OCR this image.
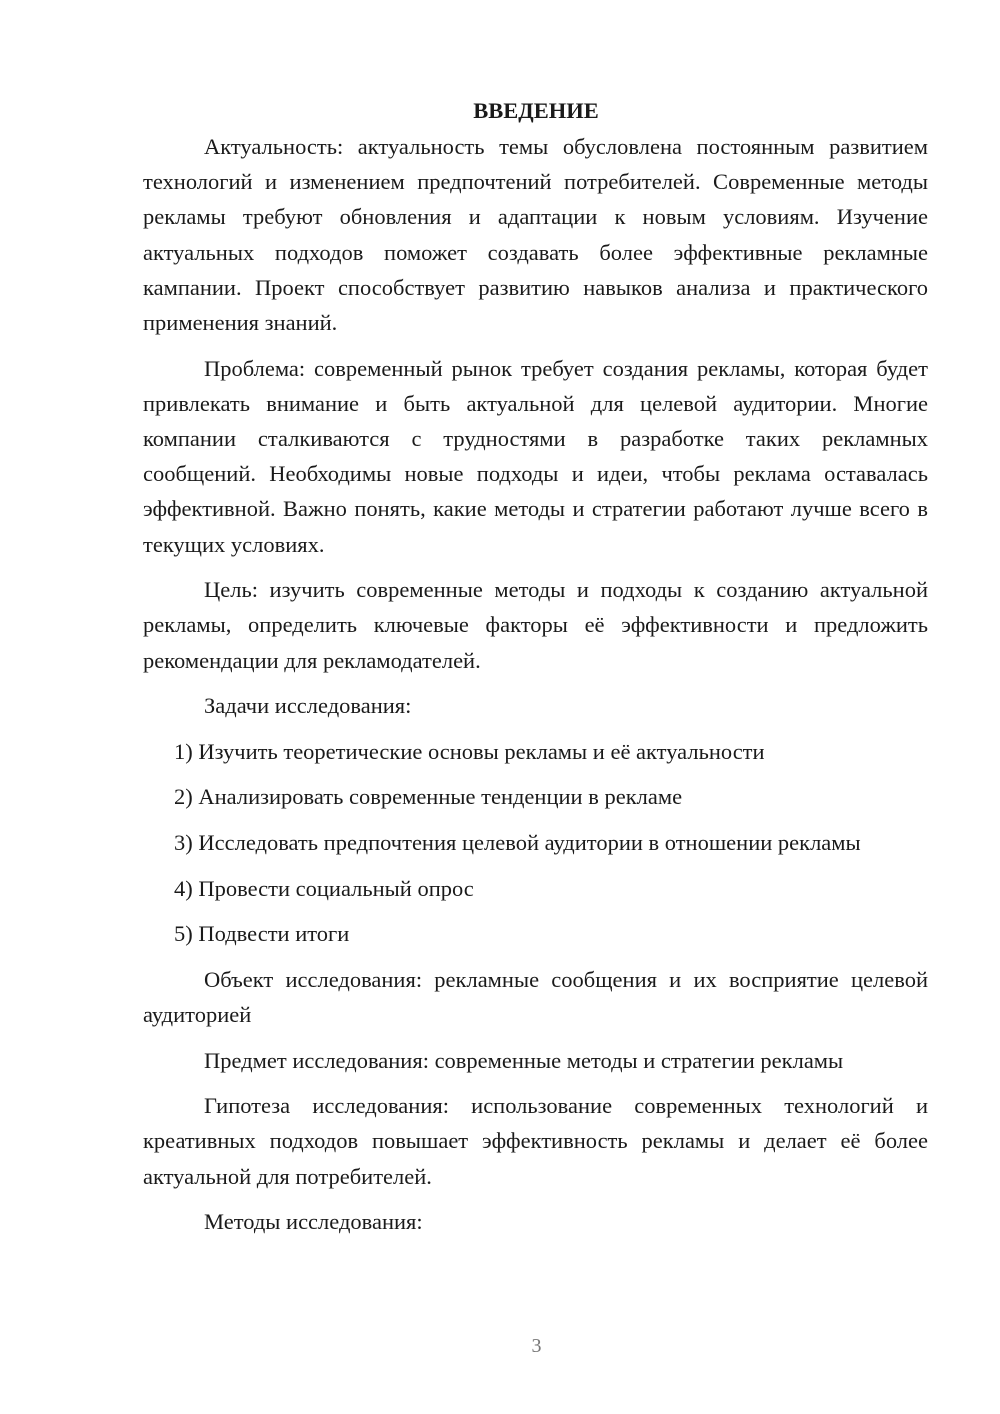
ВВЕДЕНИЕ

Актуальность: актуальность темы обусловлена постоянным развитием технологий и изменением предпочтений потребителей. Современные методы рекламы требуют обновления и адаптации к новым условиям. Изучение актуальных подходов поможет создавать более эффективные рекламные кампании. Проект способствует развитию навыков анализа и практического применения знаний.

Проблема: современный рынок требует создания рекламы, которая будет привлекать внимание и быть актуальной для целевой аудитории. Многие компании сталкиваются с трудностями в разработке таких рекламных сообщений. Необходимы новые подходы и идеи, чтобы реклама оставалась эффективной. Важно понять, какие методы и стратегии работают лучше всего в текущих условиях.

Цель: изучить современные методы и подходы к созданию актуальной рекламы, определить ключевые факторы её эффективности и предложить рекомендации для рекламодателей.

Задачи исследования:

1) Изучить теоретические основы рекламы и её актуальности

2) Анализировать современные тенденции в рекламе

3) Исследовать предпочтения целевой аудитории в отношении рекламы

4) Провести социальный опрос

5) Подвести итоги

Объект исследования: рекламные сообщения и их восприятие целевой аудиторией

Предмет исследования: современные методы и стратегии рекламы

Гипотеза исследования: использование современных технологий и креативных подходов повышает эффективность рекламы и делает её более актуальной для потребителей.

Методы исследования:

3
